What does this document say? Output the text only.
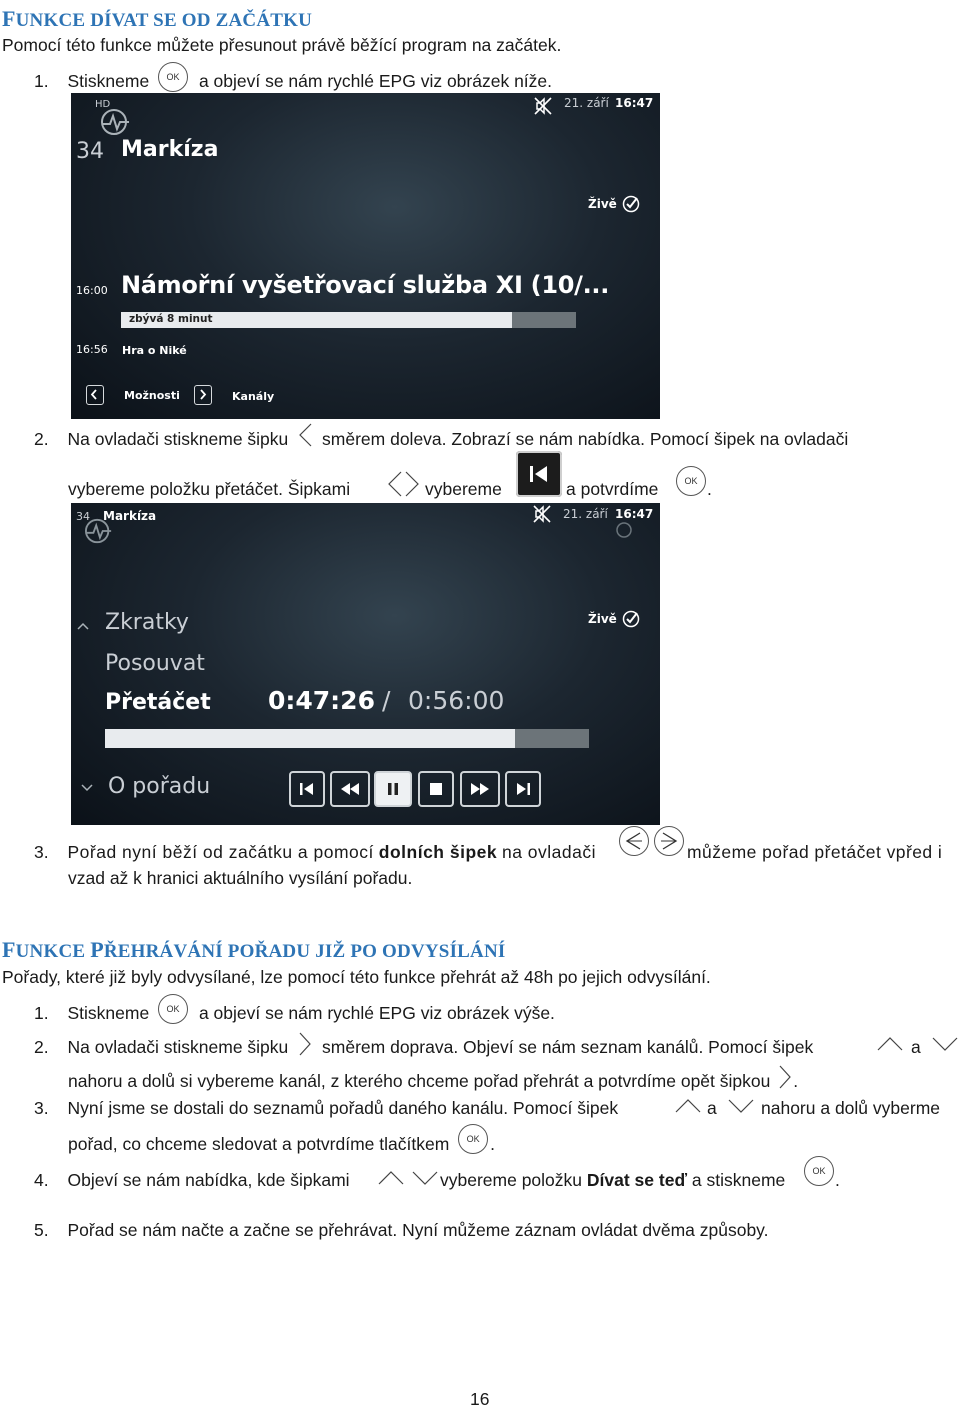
FUNKCE DÍVAT SE OD ZAČÁTKU
Pomocí této funkce můžete přesunout právě běžící program na začátek.
1. Stiskneme OK a objeví se nám rychlé EPG viz obrázek níže.
HD	21. září 16:47
34 Markíza
Živě
16:00 Námořní vyšetřovací služba XI (10/...
zbývá 8 minut
16:56 Hra o Niké
Možnosti	Kanály
2. Na ovladači stiskneme šipku směrem doleva. Zobrazí se nám nabídka. Pomocí šipek na ovladači
vybereme položku přetáčet. Šipkami	vybereme	a potvrdíme	OK .
34 Markíza	21. září 16:47
Živě
Zkratky
Posouvat
Přetáčet 0:47:26 / 0:56:00
O pořadu
3. Pořad nyní běží od začátku a pomocí dolních šipek na ovladači	můžeme pořad přetáčet vpřed i
vzad až k hranici aktuálního vysílání pořadu.
FUNKCE PŘEHRÁVÁNÍ POŘADU JIŽ PO ODVYSÍLÁNÍ
Pořady, které již byly odvysílané, lze pomocí této funkce přehrát až 48h po jejich odvysílání.
1. Stiskneme OK a objeví se nám rychlé EPG viz obrázek výše.
2. Na ovladači stiskneme šipku směrem doprava. Objeví se nám seznam kanálů. Pomocí šipek	a
nahoru a dolů si vybereme kanál, z kterého chceme pořad přehrát a potvrdíme opět šipkou .
3. Nyní jsme se dostali do seznamů pořadů daného kanálu. Pomocí šipek	a	nahoru a dolů vyberme
pořad, co chceme sledovat a potvrdíme tlačítkem OK .
4. Objeví se nám nabídka, kde šipkami	vybereme položku Dívat se teď a stiskneme	OK .
5. Pořad se nám načte a začne se přehrávat. Nyní můžeme záznam ovládat dvěma způsoby.
16
